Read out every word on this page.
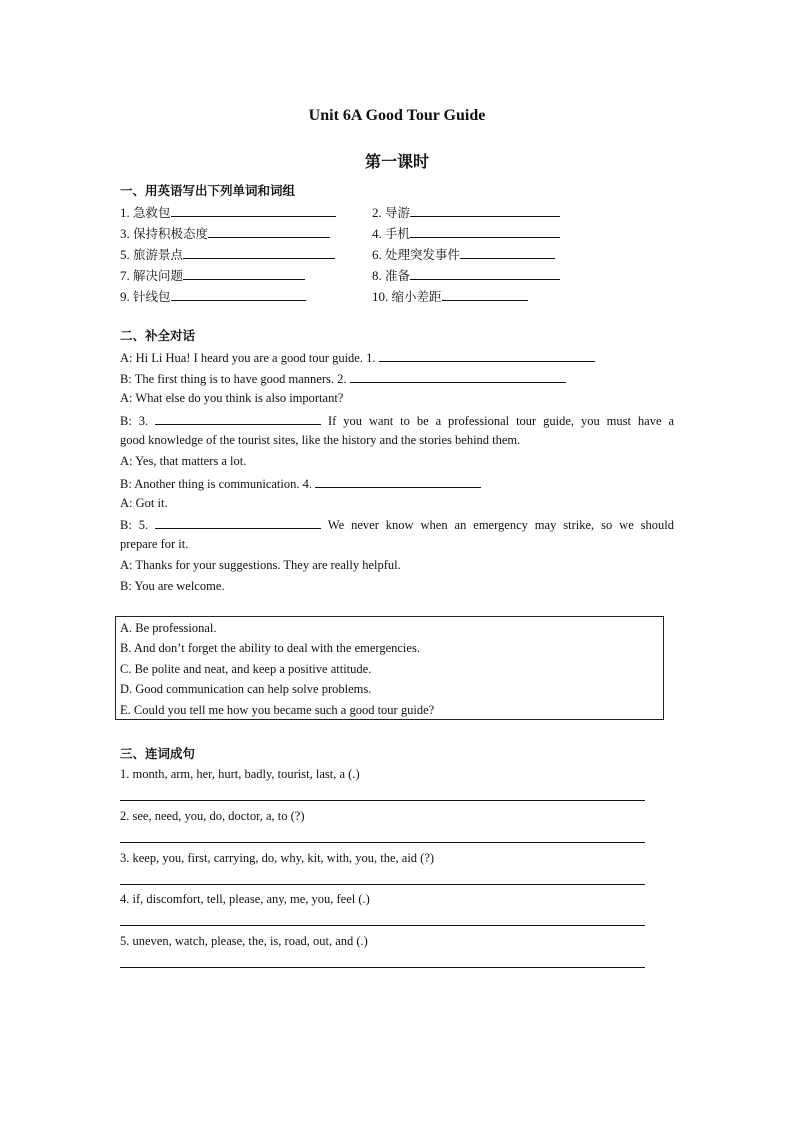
Unit 6A Good Tour Guide
第一课时
一、用英语写出下列单词和词组
1. 急救包	2. 导游
3. 保持积极态度	4. 手机
5. 旅游景点	6. 处理突发事件
7. 解决问题	8. 准备
9. 针线包	10. 缩小差距
二、补全对话
A: Hi Li Hua! I heard you are a good tour guide. 1.
B: The first thing is to have good manners. 2.
A: What else do you think is also important?
B: 3.	If you want to be a professional tour guide, you must have a
good knowledge of the tourist sites, like the history and the stories behind them.
A: Yes, that matters a lot.
B: Another thing is communication. 4.
A: Got it.
B: 5.	We never know when an emergency may strike, so we should
prepare for it.
A: Thanks for your suggestions. They are really helpful.
B: You are welcome.
A. Be professional.
B. And don’t forget the ability to deal with the emergencies.
C. Be polite and neat, and keep a positive attitude.
D. Good communication can help solve problems.
E. Could you tell me how you became such a good tour guide?
三、连词成句
1. month, arm, her, hurt, badly, tourist, last, a (.)
2. see, need, you, do, doctor, a, to (?)
3. keep, you, first, carrying, do, why, kit, with, you, the, aid (?)
4. if, discomfort, tell, please, any, me, you, feel (.)
5. uneven, watch, please, the, is, road, out, and (.)
